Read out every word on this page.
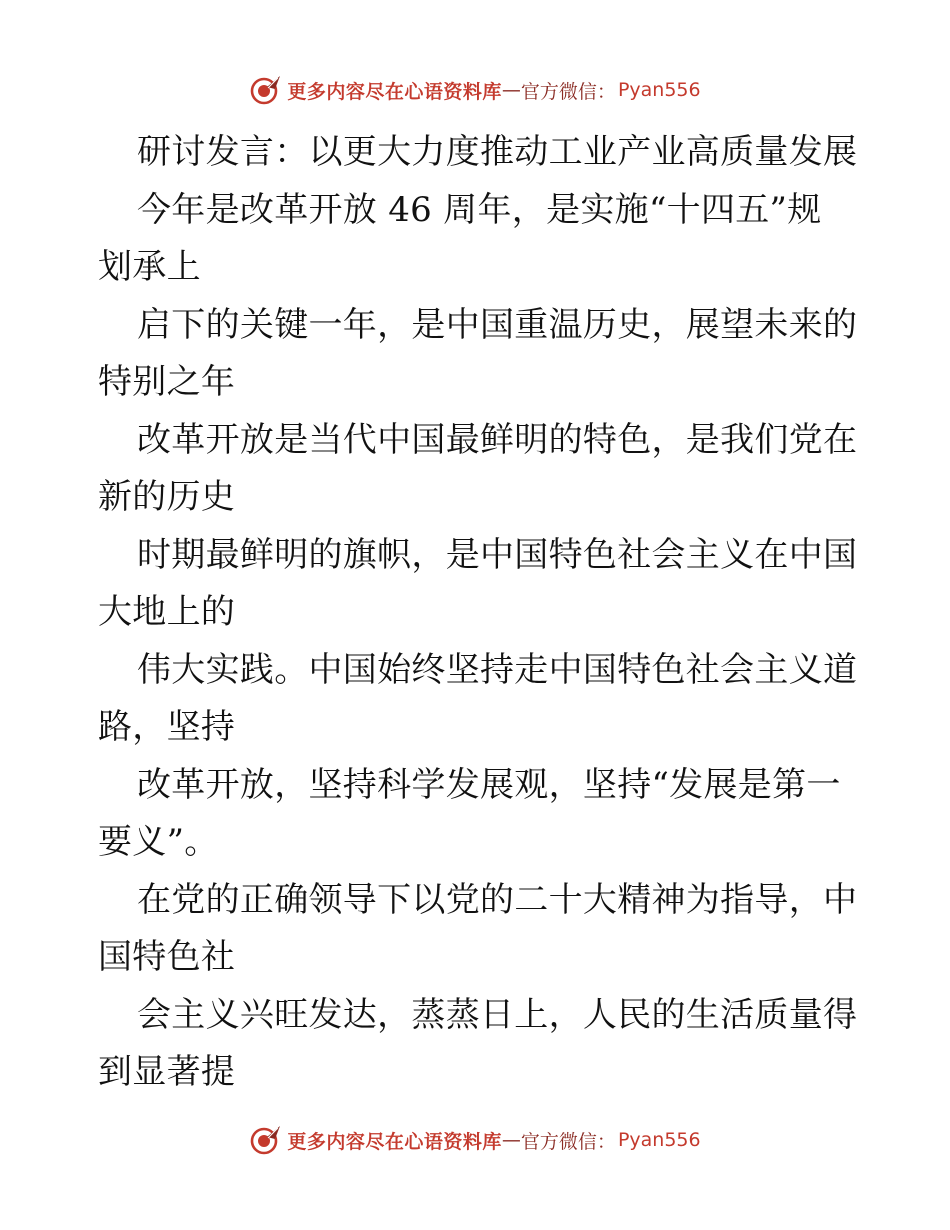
更多内容尽在心语资料库 — 官方微信： Pyan556
研讨发言：以更大力度推动工业产业高质量发展
今年是改革开放 46 周年，是实施“十四五”规
划承上
启下的关键一年，是中国重温历史，展望未来的
特别之年
改革开放是当代中国最鲜明的特色，是我们党在
新的历史
时期最鲜明的旗帜，是中国特色社会主义在中国
大地上的
伟大实践。中国始终坚持走中国特色社会主义道
路，坚持
改革开放，坚持科学发展观，坚持“发展是第一
要义”。
在党的正确领导下以党的二十大精神为指导，中
国特色社
会主义兴旺发达，蒸蒸日上，人民的生活质量得
到显著提
更多内容尽在心语资料库 — 官方微信： Pyan556
